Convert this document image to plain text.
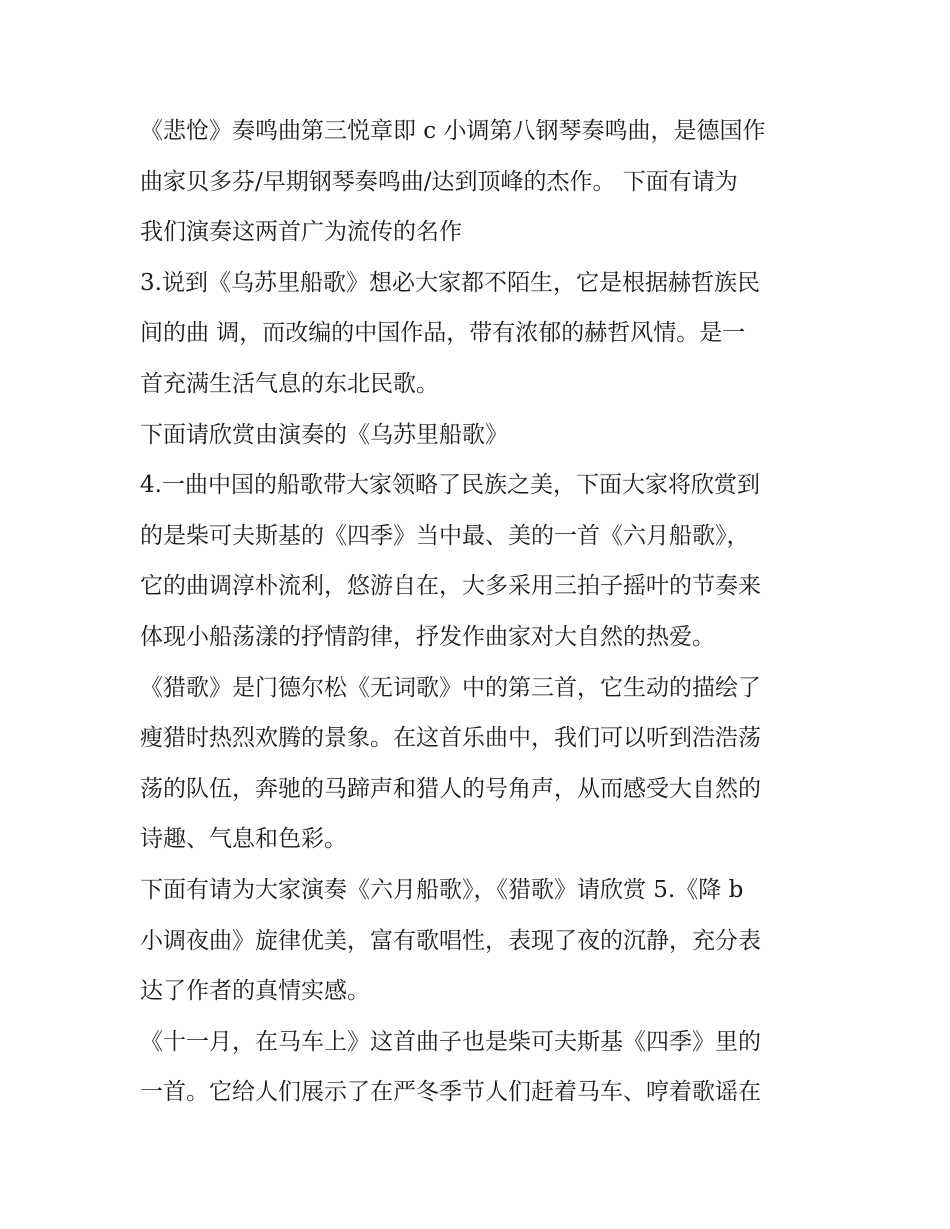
《悲怆》奏鸣曲第三悦章即 c 小调第八钢琴奏鸣曲，是德国作
曲家贝多芬/早期钢琴奏鸣曲/达到顶峰的杰作。 下面有请为
我们演奏这两首广为流传的名作
3.说到《乌苏里船歌》想必大家都不陌生，它是根据赫哲族民
间的曲 调，而改编的中国作品，带有浓郁的赫哲风情。是一
首充满生活气息的东北民歌。
下面请欣赏由演奏的《乌苏里船歌》
4.一曲中国的船歌带大家领略了民族之美，下面大家将欣赏到
的是柴可夫斯基的《四季》当中最、美的一首《六月船歌》，
它的曲调淳朴流利，悠游自在，大多采用三拍子摇叶的节奏来
体现小船荡漾的抒情韵律，抒发作曲家对大自然的热爱。
《猎歌》是门德尔松《无词歌》中的第三首，它生动的描绘了
瘦猎时热烈欢腾的景象。在这首乐曲中，我们可以听到浩浩荡
荡的队伍，奔驰的马蹄声和猎人的号角声，从而感受大自然的
诗趣、气息和色彩。
下面有请为大家演奏《六月船歌》，《猎歌》请欣赏 5.《降 b
小调夜曲》旋律优美，富有歌唱性，表现了夜的沉静，充分表
达了作者的真情实感。
《十一月，在马车上》这首曲子也是柴可夫斯基《四季》里的
一首。它给人们展示了在严冬季节人们赶着马车、哼着歌谣在
